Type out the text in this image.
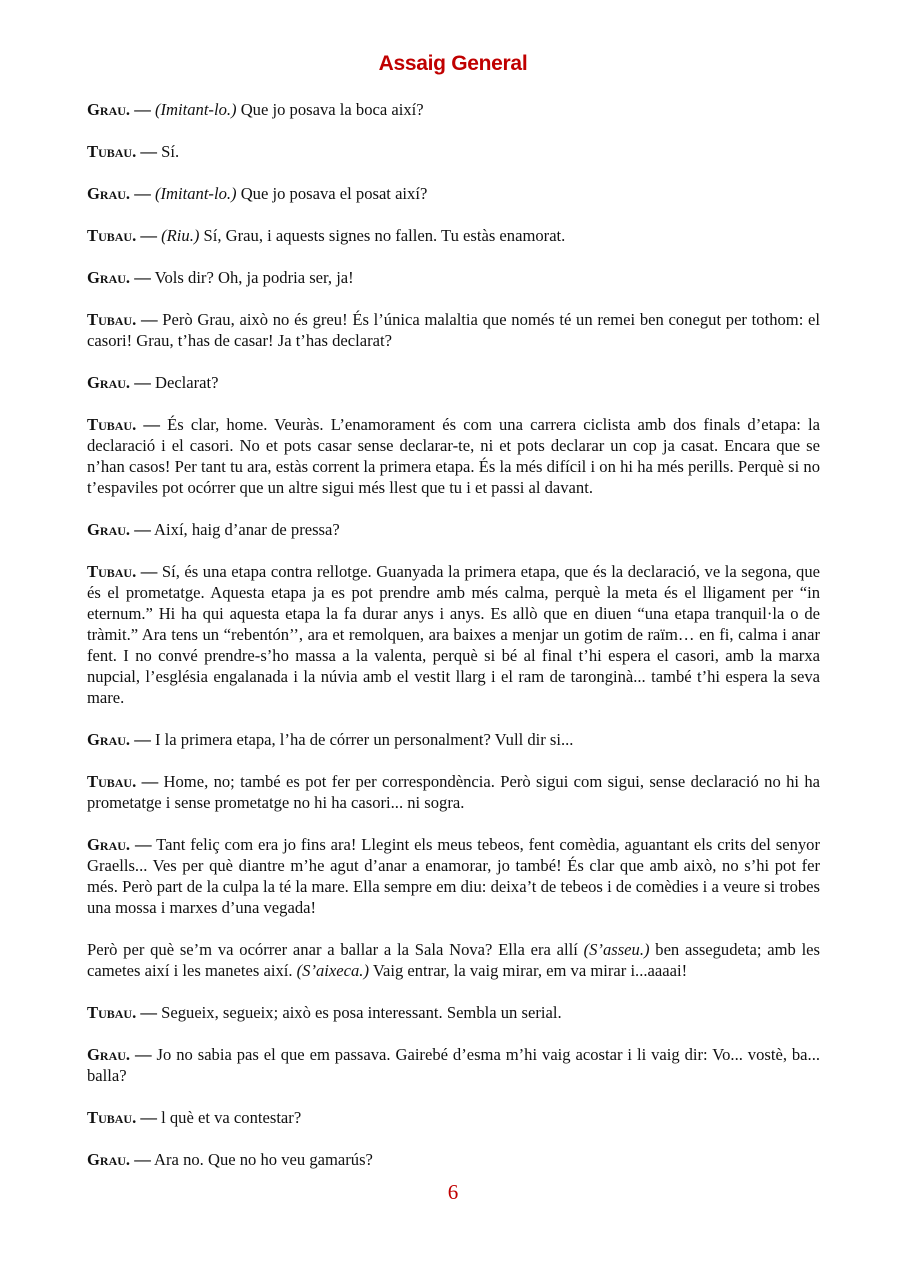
Assaig General

Grau. — (Imitant-lo.) Que jo posava la boca així?

Tubau. — Sí.

Grau. — (Imitant-lo.) Que jo posava el posat així?

Tubau. — (Riu.) Sí, Grau, i aquests signes no fallen. Tu estàs enamorat.

Grau. — Vols dir? Oh, ja podria ser, ja!

Tubau. — Però Grau, això no és greu! És l’única malaltia que només té un remei ben conegut per tothom: el casori! Grau, t’has de casar! Ja t’has declarat?

Grau. — Declarat?

Tubau. — És clar, home. Veuràs. L’enamorament és com una carrera ciclista amb dos finals d’etapa: la declaració i el casori. No et pots casar sense declarar-te, ni et pots declarar un cop ja casat. Encara que se n’han casos! Per tant tu ara, estàs corrent la primera etapa. És la més difícil i on hi ha més perills. Perquè si no t’espaviles pot ocórrer que un altre sigui més llest que tu i et passi al davant.

Grau. — Així, haig d’anar de pressa?

Tubau. — Sí, és una etapa contra rellotge. Guanyada la primera etapa, que és la declaració, ve la segona, que és el prometatge. Aquesta etapa ja es pot prendre amb més calma, perquè la meta és el lligament per “in eternum.” Hi ha qui aquesta etapa la fa durar anys i anys. Es allò que en diuen “una etapa tranquil·la o de tràmit.” Ara tens un “rebentón’’, ara et remolquen, ara baixes a menjar un gotim de raïm… en fi, calma i anar fent. I no convé prendre-s’ho massa a la valenta, perquè si bé al final t’hi espera el casori, amb la marxa nupcial, l’església engalanada i la núvia amb el vestit llarg i el ram de taronginà... també t’hi espera la seva mare.

Grau. — I la primera etapa, l’ha de córrer un personalment? Vull dir si...

Tubau. — Home, no; també es pot fer per correspondència. Però sigui com sigui, sense declaració no hi ha prometatge i sense prometatge no hi ha casori... ni sogra.

Grau. — Tant feliç com era jo fins ara! Llegint els meus tebeos, fent comèdia, aguantant els crits del senyor Graells... Ves per què diantre m’he agut d’anar a enamorar, jo també! És clar que amb això, no s’hi pot fer més. Però part de la culpa la té la mare. Ella sempre em diu: deixa’t de tebeos i de comèdies i a veure si trobes una mossa i marxes d’una vegada!

Però per què se’m va ocórrer anar a ballar a la Sala Nova? Ella era allí (S’asseu.) ben assegudeta; amb les cametes així i les manetes així. (S’aixeca.) Vaig entrar, la vaig mirar, em va mirar i...aaaai!

Tubau. — Segueix, segueix; això es posa interessant. Sembla un serial.

Grau. — Jo no sabia pas el que em passava. Gairebé d’esma m’hi vaig acostar i li vaig dir: Vo... vostè, ba... balla?

Tubau. — l què et va contestar?

Grau. — Ara no. Que no ho veu gamarús?

6
